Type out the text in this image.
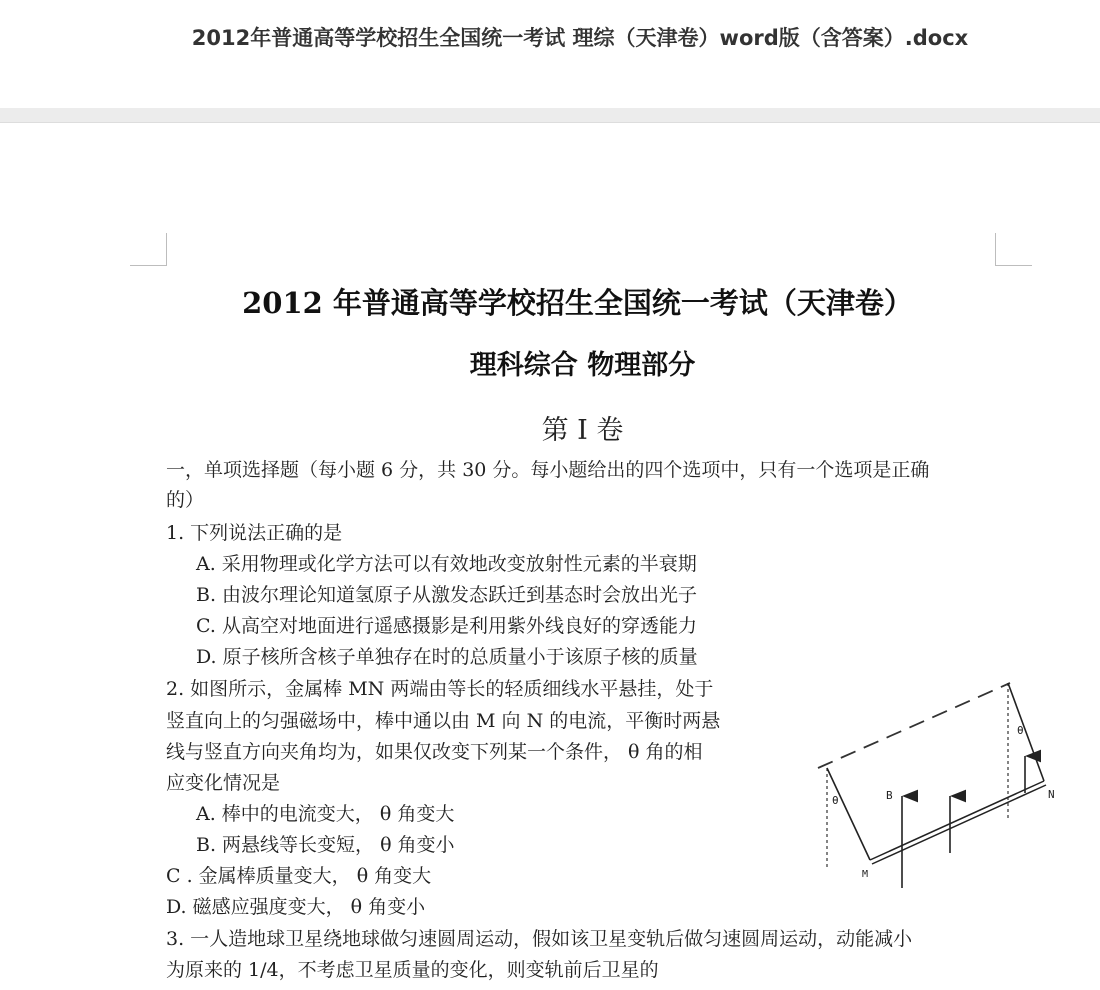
2012年普通高等学校招生全国统一考试 理综（天津卷）word版（含答案）.docx
2012 年普通高等学校招生全国统一考试（天津卷）
理科综合 物理部分
第 I 卷
一，单项选择题（每小题 6 分，共 30 分。每小题给出的四个选项中，只有一个选项是正确
的）
1. 下列说法正确的是
A. 采用物理或化学方法可以有效地改变放射性元素的半衰期
B. 由波尔理论知道氢原子从激发态跃迁到基态时会放出光子
C. 从高空对地面进行遥感摄影是利用紫外线良好的穿透能力
D. 原子核所含核子单独存在时的总质量小于该原子核的质量
2. 如图所示，金属棒 MN 两端由等长的轻质细线水平悬挂，处于
竖直向上的匀强磁场中，棒中通以由 M 向 N 的电流，平衡时两悬
线与竖直方向夹角均为，如果仅改变下列某一个条件， θ 角的相
应变化情况是
A. 棒中的电流变大， θ 角变大
B. 两悬线等长变短， θ 角变小
C . 金属棒质量变大， θ 角变大
D. 磁感应强度变大， θ 角变小
3. 一人造地球卫星绕地球做匀速圆周运动，假如该卫星变轨后做匀速圆周运动，动能减小
为原来的 1/4，不考虑卫星质量的变化，则变轨前后卫星的
θ
θ
B
M
N
